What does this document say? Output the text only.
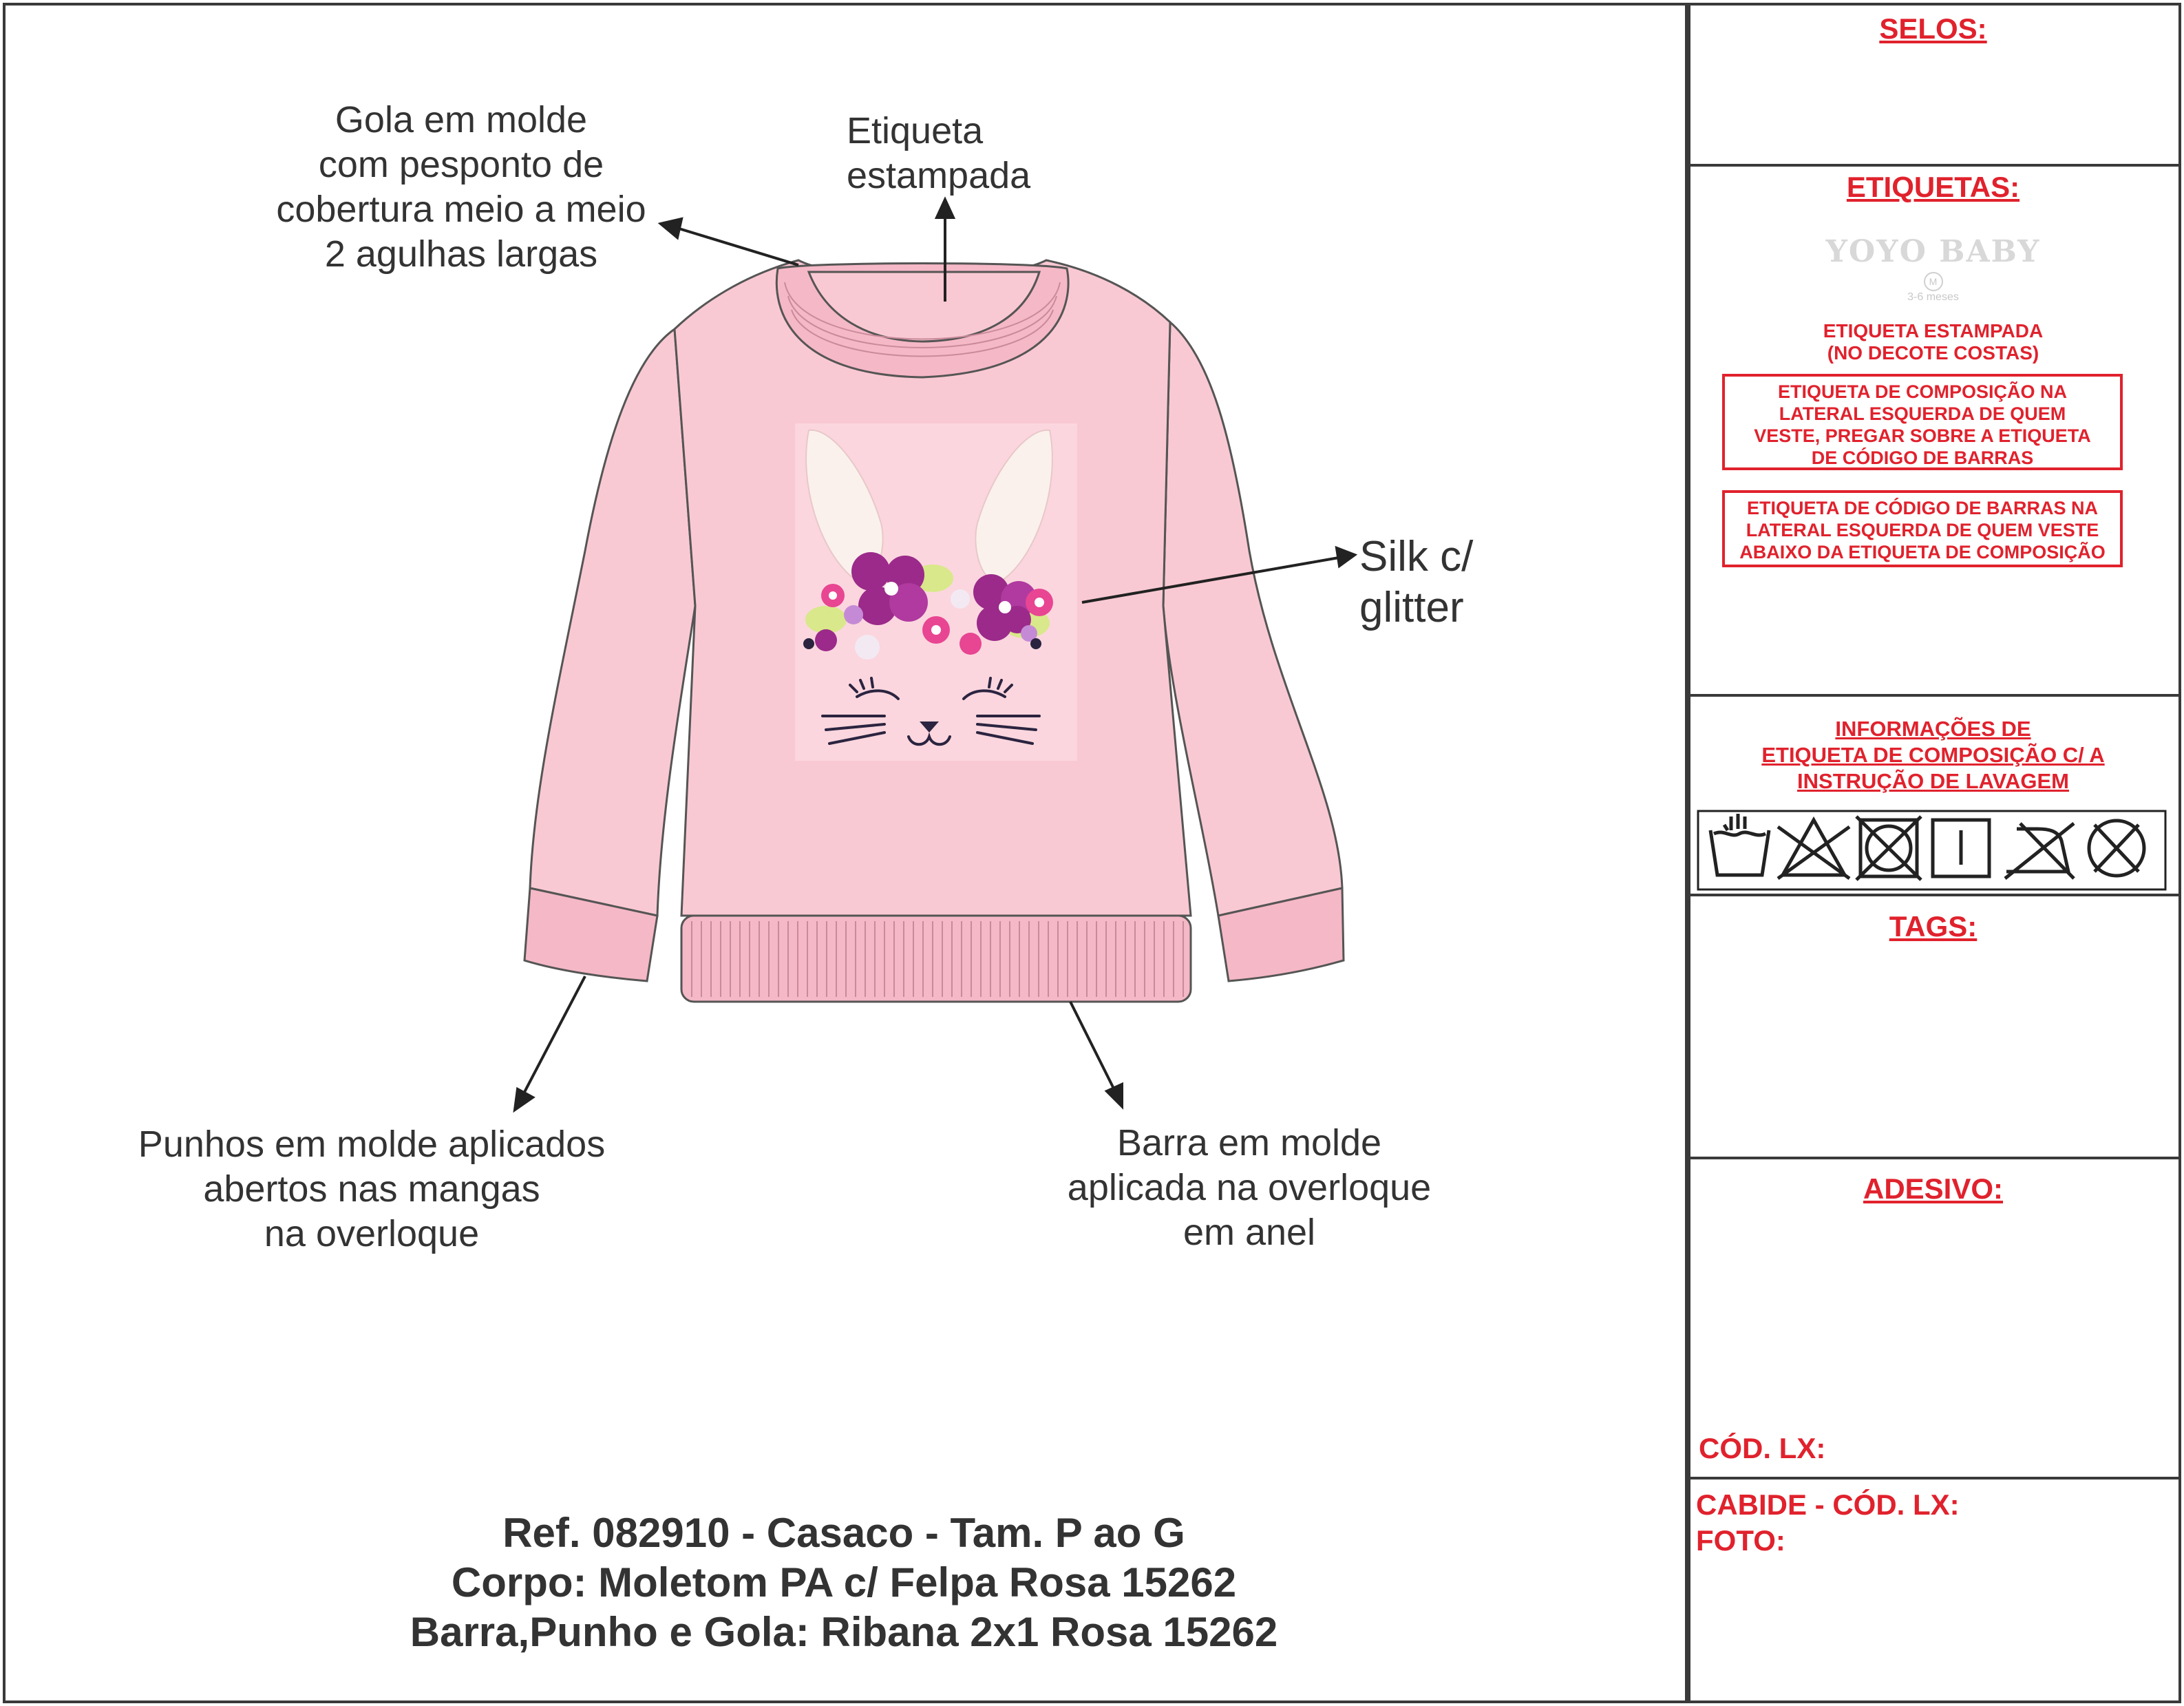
Gola em molde
com pesponto de
cobertura meio a meio
2 agulhas largas
Etiqueta
estampada
Silk c/
glitter
Punhos em molde aplicados
abertos nas mangas
na overloque
Barra em molde
aplicada na overloque
em anel
Ref. 082910 - Casaco - Tam. P ao G
Corpo: Moletom PA c/ Felpa Rosa 15262
Barra,Punho e Gola: Ribana 2x1 Rosa 15262
SELOS:
ETIQUETAS:
YOYO BABY
M
3-6 meses
ETIQUETA ESTAMPADA
(NO DECOTE COSTAS)
ETIQUETA DE COMPOSIÇÃO NA
LATERAL ESQUERDA DE QUEM
VESTE, PREGAR SOBRE A ETIQUETA
DE CÓDIGO DE BARRAS
ETIQUETA DE CÓDIGO DE BARRAS NA
LATERAL ESQUERDA DE QUEM VESTE
ABAIXO DA ETIQUETA DE COMPOSIÇÃO
INFORMAÇÕES DE
ETIQUETA DE COMPOSIÇÃO C/ A
INSTRUÇÃO DE LAVAGEM
TAGS:
ADESIVO:
CÓD. LX:
CABIDE - CÓD. LX:
FOTO:
